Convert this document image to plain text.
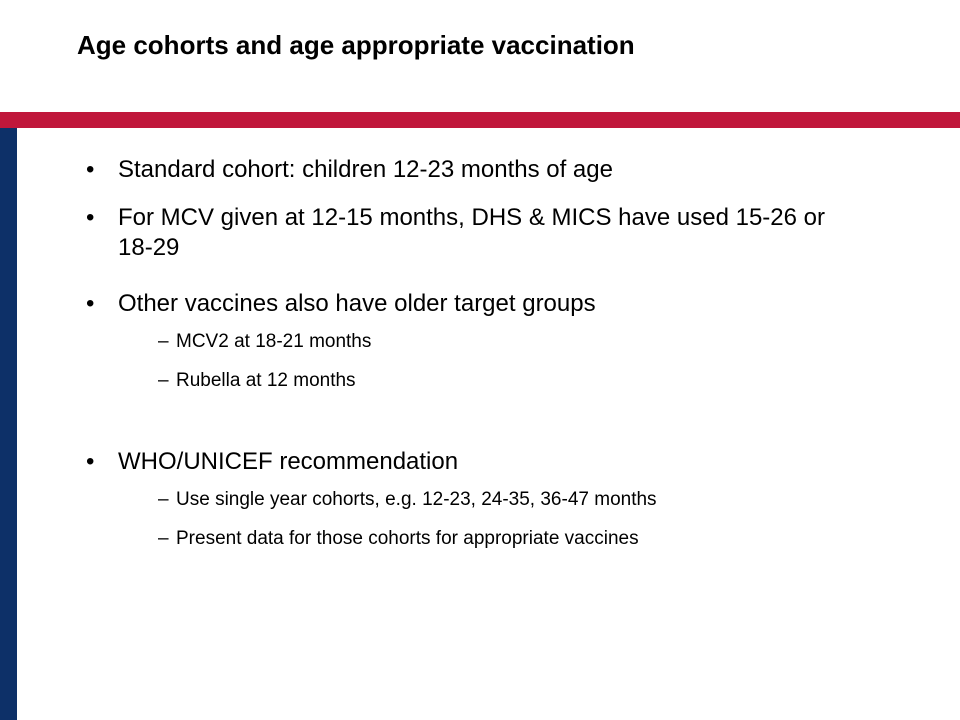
Age cohorts and age appropriate vaccination
• Standard cohort: children 12-23 months of age
• For MCV given at 12-15 months, DHS & MICS have used 15-26 or 18-29
• Other vaccines also have older target groups
– MCV2 at 18-21 months
– Rubella at 12 months
• WHO/UNICEF recommendation
– Use single year cohorts, e.g. 12-23, 24-35, 36-47 months
– Present data for those cohorts for appropriate vaccines
